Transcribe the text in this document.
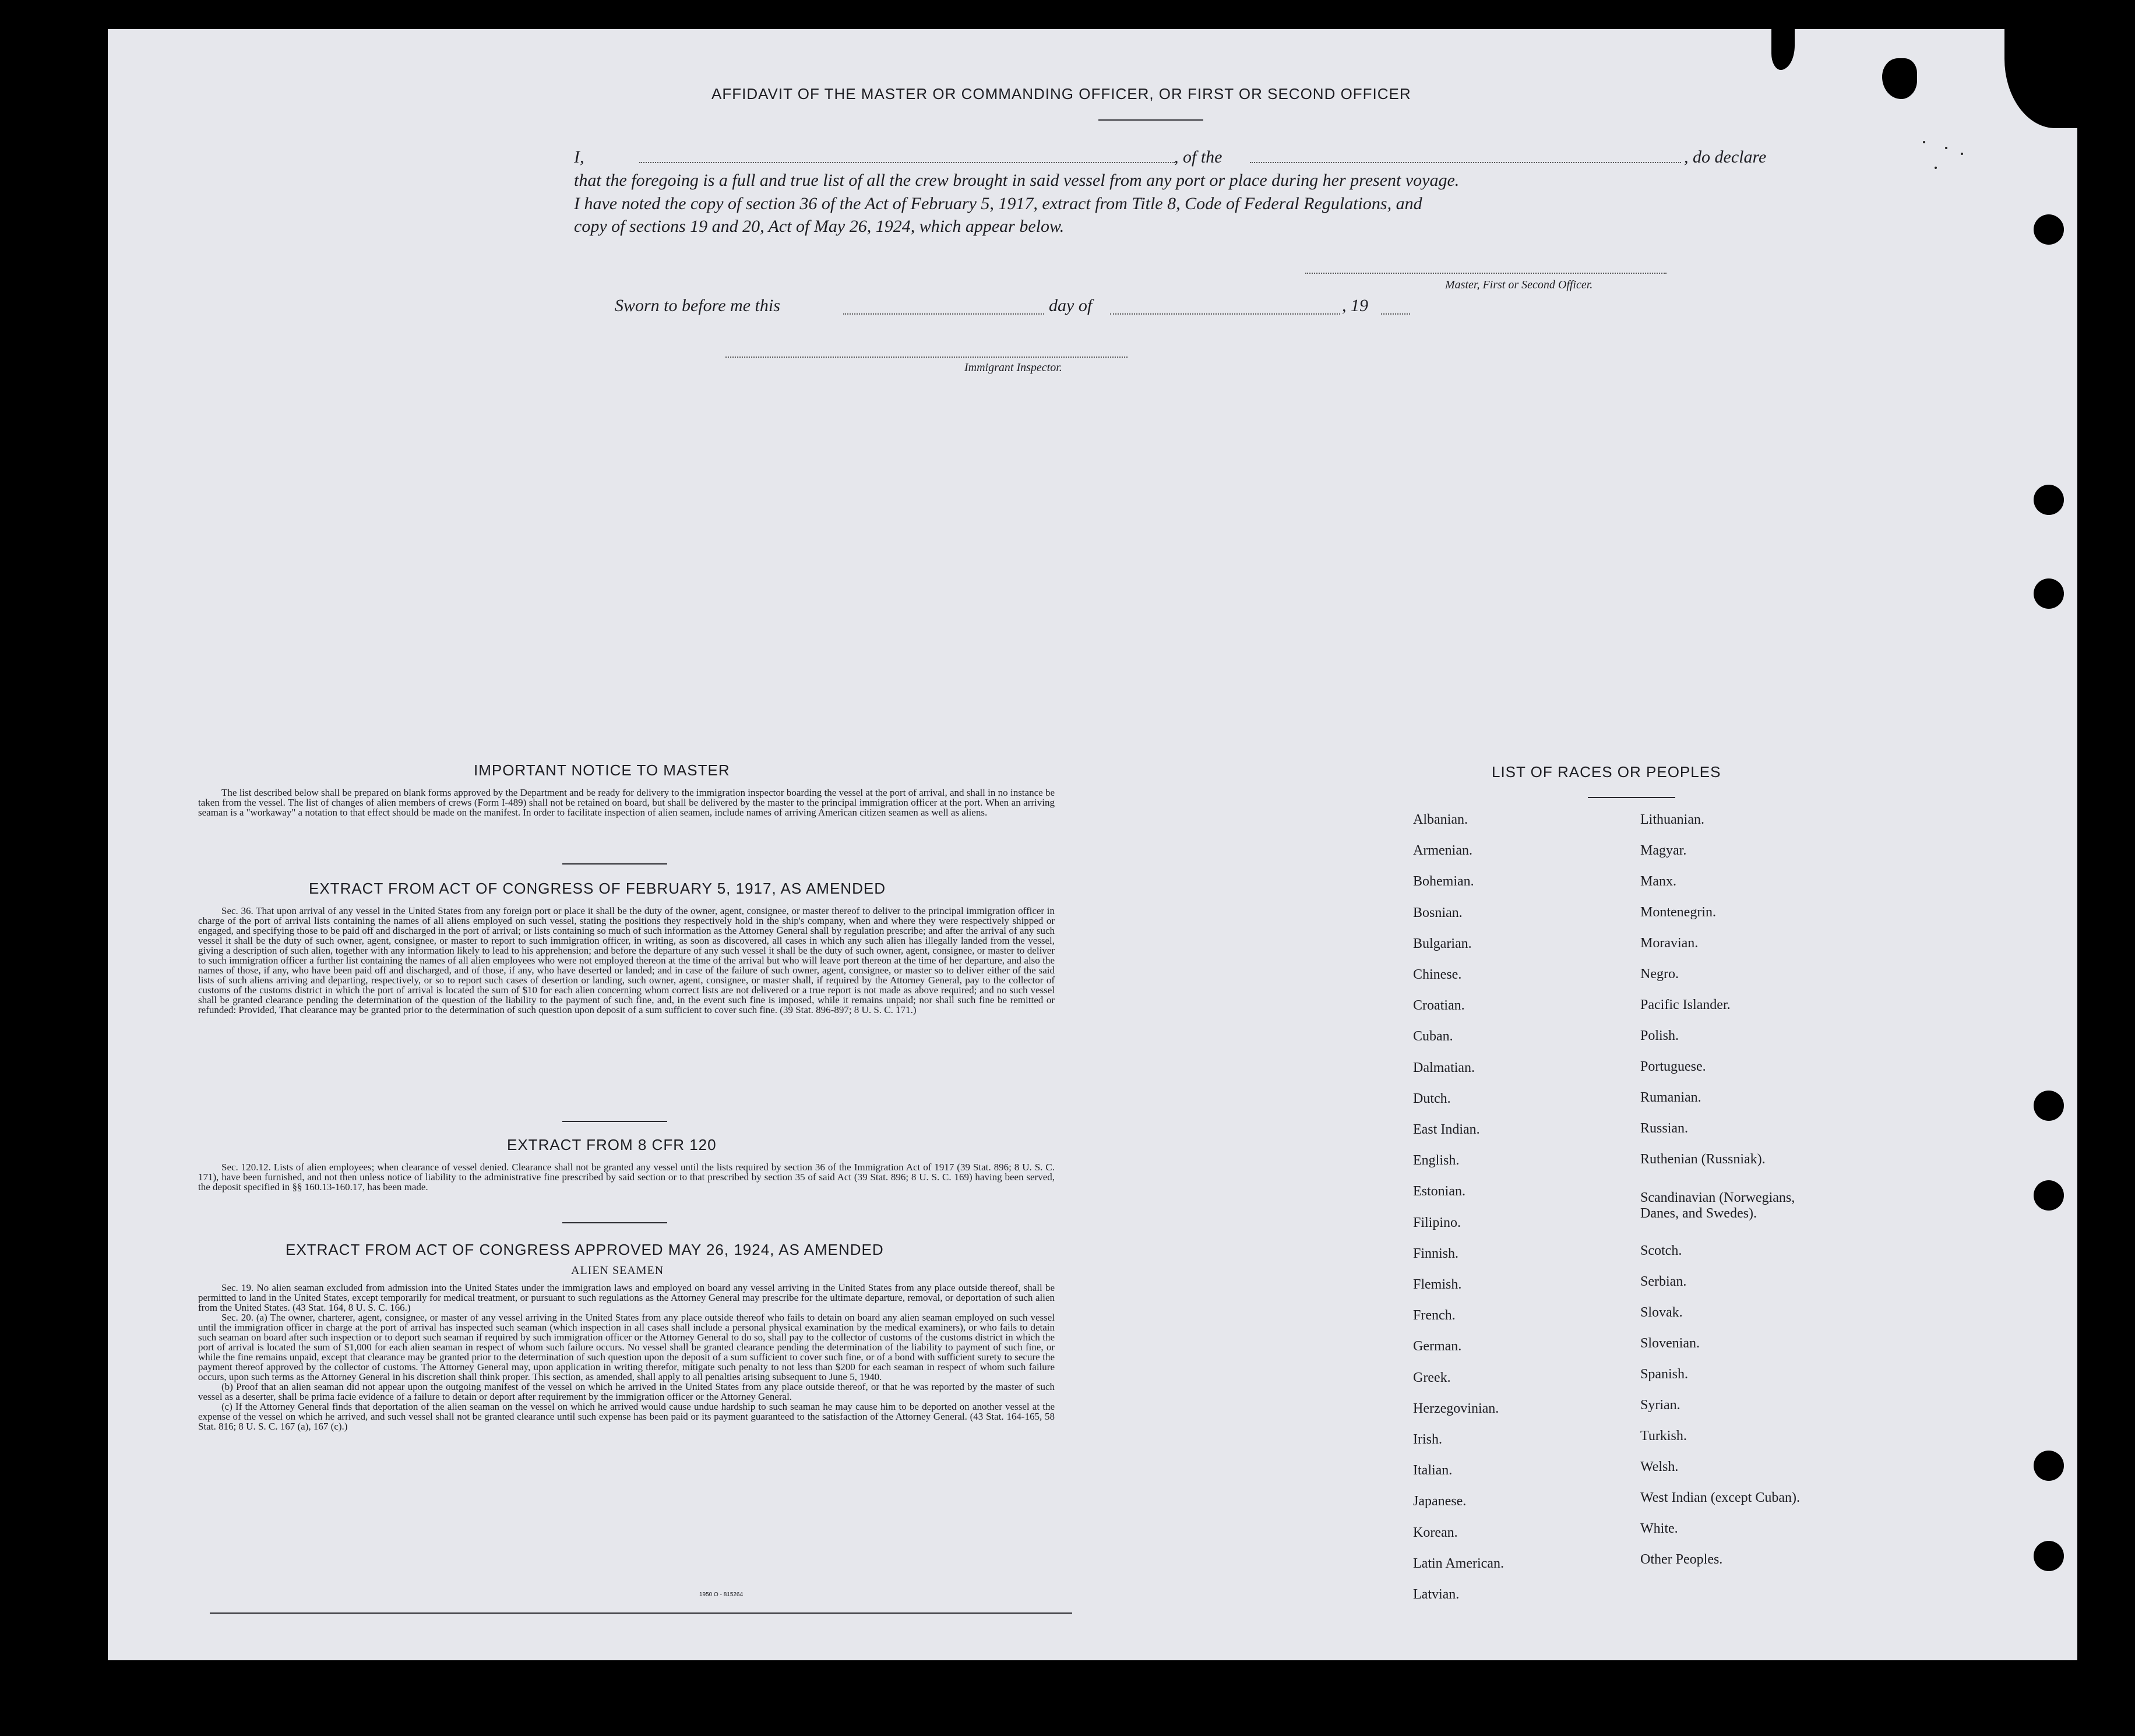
AFFIDAVIT OF THE MASTER OR COMMANDING OFFICER, OR FIRST OR SECOND OFFICER
I,	, of the	, do declare
that the foregoing is a full and true list of all the crew brought in said vessel from any port or place during her present voyage.
I have noted the copy of section 36 of the Act of February 5, 1917, extract from Title 8, Code of Federal Regulations, and
copy of sections 19 and 20, Act of May 26, 1924, which appear below.
Master, First or Second Officer.
Sworn to before me this	day of	, 19
Immigrant Inspector.
IMPORTANT NOTICE TO MASTER

The list described below shall be prepared on blank forms approved by the Department and be ready for delivery to the immigration inspector boarding the vessel at the port of arrival, and shall in no instance be taken from the vessel. The list of changes of alien members of crews (Form I-489) shall not be retained on board, but shall be delivered by the master to the principal immigration officer at the port. When an arriving seaman is a "workaway" a notation to that effect should be made on the manifest. In order to facilitate inspection of alien seamen, include names of arriving American citizen seamen as well as aliens.

EXTRACT FROM ACT OF CONGRESS OF FEBRUARY 5, 1917, AS AMENDED

Sec. 36. That upon arrival of any vessel in the United States from any foreign port or place it shall be the duty of the owner, agent, consignee, or master thereof to deliver to the principal immigration officer in charge of the port of arrival lists containing the names of all aliens employed on such vessel, stating the positions they respectively hold in the ship's company, when and where they were respectively shipped or engaged, and specifying those to be paid off and discharged in the port of arrival; or lists containing so much of such information as the Attorney General shall by regulation prescribe; and after the arrival of any such vessel it shall be the duty of such owner, agent, consignee, or master to report to such immigration officer, in writing, as soon as discovered, all cases in which any such alien has illegally landed from the vessel, giving a description of such alien, together with any information likely to lead to his apprehension; and before the departure of any such vessel it shall be the duty of such owner, agent, consignee, or master to deliver to such immigration officer a further list containing the names of all alien employees who were not employed thereon at the time of the arrival but who will leave port thereon at the time of her departure, and also the names of those, if any, who have been paid off and discharged, and of those, if any, who have deserted or landed; and in case of the failure of such owner, agent, consignee, or master so to deliver either of the said lists of such aliens arriving and departing, respectively, or so to report such cases of desertion or landing, such owner, agent, consignee, or master shall, if required by the Attorney General, pay to the collector of customs of the customs district in which the port of arrival is located the sum of $10 for each alien concerning whom correct lists are not delivered or a true report is not made as above required; and no such vessel shall be granted clearance pending the determination of the question of the liability to the payment of such fine, and, in the event such fine is imposed, while it remains unpaid; nor shall such fine be remitted or refunded: Provided, That clearance may be granted prior to the determination of such question upon deposit of a sum sufficient to cover such fine. (39 Stat. 896-897; 8 U. S. C. 171.)

EXTRACT FROM 8 CFR 120

Sec. 120.12. Lists of alien employees; when clearance of vessel denied. Clearance shall not be granted any vessel until the lists required by section 36 of the Immigration Act of 1917 (39 Stat. 896; 8 U. S. C. 171), have been furnished, and not then unless notice of liability to the administrative fine prescribed by said section or to that prescribed by section 35 of said Act (39 Stat. 896; 8 U. S. C. 169) having been served, the deposit specified in §§ 160.13-160.17, has been made.

EXTRACT FROM ACT OF CONGRESS APPROVED MAY 26, 1924, AS AMENDED
ALIEN SEAMEN

Sec. 19. No alien seaman excluded from admission into the United States under the immigration laws and employed on board any vessel arriving in the United States from any place outside thereof, shall be permitted to land in the United States, except temporarily for medical treatment, or pursuant to such regulations as the Attorney General may prescribe for the ultimate departure, removal, or deportation of such alien from the United States. (43 Stat. 164, 8 U. S. C. 166.)

Sec. 20. (a) The owner, charterer, agent, consignee, or master of any vessel arriving in the United States from any place outside thereof who fails to detain on board any alien seaman employed on such vessel until the immigration officer in charge at the port of arrival has inspected such seaman (which inspection in all cases shall include a personal physical examination by the medical examiners), or who fails to detain such seaman on board after such inspection or to deport such seaman if required by such immigration officer or the Attorney General to do so, shall pay to the collector of customs of the customs district in which the port of arrival is located the sum of $1,000 for each alien seaman in respect of whom such failure occurs. No vessel shall be granted clearance pending the determination of the liability to payment of such fine, or while the fine remains unpaid, except that clearance may be granted prior to the determination of such question upon the deposit of a sum sufficient to cover such fine, or of a bond with sufficient surety to secure the payment thereof approved by the collector of customs. The Attorney General may, upon application in writing therefor, mitigate such penalty to not less than $200 for each seaman in respect of whom such failure occurs, upon such terms as the Attorney General in his discretion shall think proper. This section, as amended, shall apply to all penalties arising subsequent to June 5, 1940.

(b) Proof that an alien seaman did not appear upon the outgoing manifest of the vessel on which he arrived in the United States from any place outside thereof, or that he was reported by the master of such vessel as a deserter, shall be prima facie evidence of a failure to detain or deport after requirement by the immigration officer or the Attorney General.

(c) If the Attorney General finds that deportation of the alien seaman on the vessel on which he arrived would cause undue hardship to such seaman he may cause him to be deported on another vessel at the expense of the vessel on which he arrived, and such vessel shall not be granted clearance until such expense has been paid or its payment guaranteed to the satisfaction of the Attorney General. (43 Stat. 164-165, 58 Stat. 816; 8 U. S. C. 167 (a), 167 (c).)

1950 O - 815264
LIST OF RACES OR PEOPLES
Albanian.
Armenian.
Bohemian.
Bosnian.
Bulgarian.
Chinese.
Croatian.
Cuban.
Dalmatian.
Dutch.
East Indian.
English.
Estonian.
Filipino.
Finnish.
Flemish.
French.
German.
Greek.
Herzegovinian.
Irish.
Italian.
Japanese.
Korean.
Latin American.
Latvian.
Lithuanian.
Magyar.
Manx.
Montenegrin.
Moravian.
Negro.
Pacific Islander.
Polish.
Portuguese.
Rumanian.
Russian.
Ruthenian (Russniak).
Scandinavian (Norwegians,
Danes, and Swedes).
Scotch.
Serbian.
Slovak.
Slovenian.
Spanish.
Syrian.
Turkish.
Welsh.
West Indian (except Cuban).
White.
Other Peoples.
